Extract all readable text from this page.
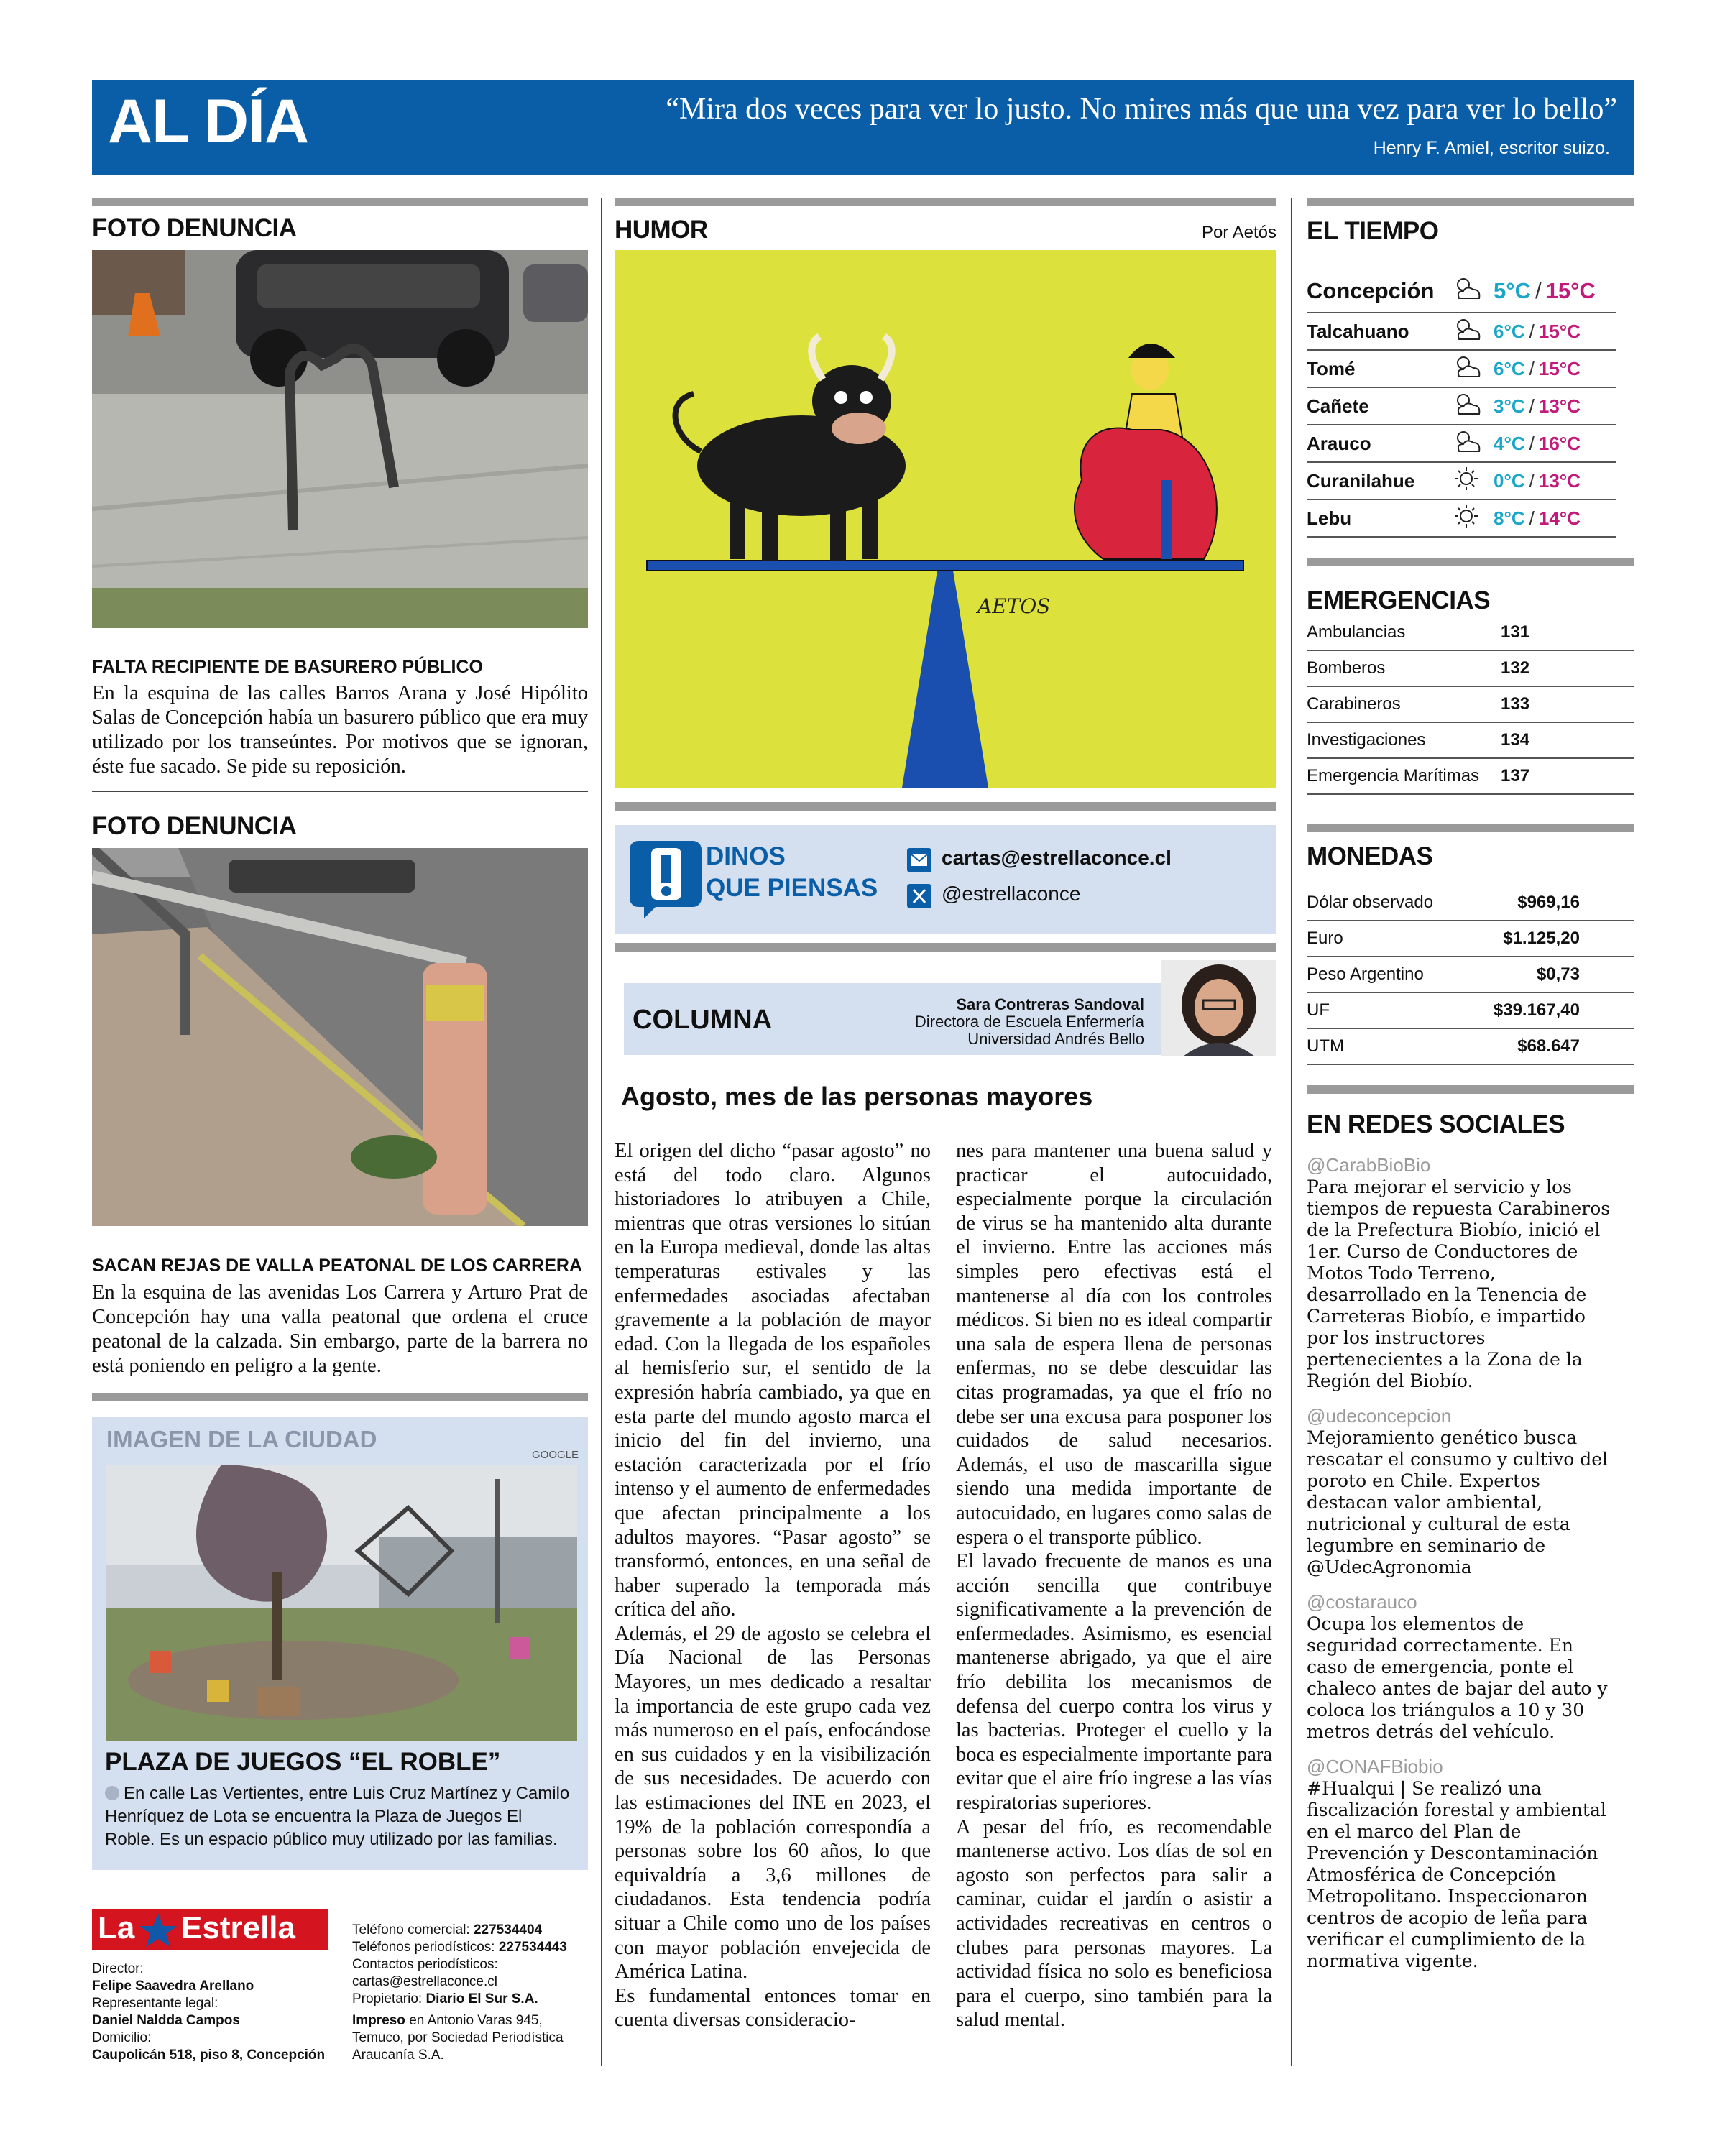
AL DÍA	“Mira dos veces para ver lo justo. No mires más que una vez para ver lo bello”
Henry F. Amiel, escritor suizo.
FOTO DENUNCIA
FALTA RECIPIENTE DE BASURERO PÚBLICO
En la esquina de las calles Barros Arana y José Hipólito Salas de Concepción había un basurero público que era muy utilizado por los transeúntes. Por motivos que se ignoran, éste fue sacado. Se pide su reposición.
FOTO DENUNCIA
SACAN REJAS DE VALLA PEATONAL DE LOS CARRERA
En la esquina de las avenidas Los Carrera y Arturo Prat de Concepción hay una valla peatonal que ordena el cruce peatonal de la calzada. Sin embargo, parte de la barrera no está poniendo en peligro a la gente.
IMAGEN DE LA CIUDAD
GOOGLE
PLAZA DE JUEGOS “EL ROBLE”
En calle Las Vertientes, entre Luis Cruz Martínez y Camilo Henríquez de Lota se encuentra la Plaza de Juegos El Roble. Es un espacio público muy utilizado por las familias.
La Estrella
Director:
Felipe Saavedra Arellano
Representante legal:
Daniel Naldda Campos
Domicilio:
Caupolicán 518, piso 8, Concepción
Teléfono comercial: 227534404
Teléfonos periodísticos: 227534443
Contactos periodísticos:
cartas@estrellaconce.cl
Propietario: Diario El Sur S.A.
Impreso en Antonio Varas 945, Temuco, por Sociedad Periodística Araucanía S.A.
HUMOR	Por Aetós
AETOS
DINOS
QUE PIENSAS
cartas@estrellaconce.cl
@estrellaconce
COLUMNA
Sara Contreras Sandoval
Directora de Escuela Enfermería
Universidad Andrés Bello
Agosto, mes de las personas mayores
El origen del dicho “pasar agosto” no está del todo claro. Algunos historiadores lo atribuyen a Chile, mientras que otras versiones lo sitúan en la Europa medieval, donde las altas temperaturas estivales y las enfermedades asociadas afectaban gravemente a la población de mayor edad. Con la llegada de los españoles al hemisferio sur, el sentido de la expresión habría cambiado, ya que en esta parte del mundo agosto marca el inicio del fin del invierno, una estación caracterizada por el frío intenso y el aumento de enfermedades que afectan principalmente a los adultos mayores. “Pasar agosto” se transformó, entonces, en una señal de haber superado la temporada más crítica del año.
Además, el 29 de agosto se celebra el Día Nacional de las Personas Mayores, un mes dedicado a resaltar la importancia de este grupo cada vez más numeroso en el país, enfocándose en sus cuidados y en la visibilización de sus necesidades. De acuerdo con las estimaciones del INE en 2023, el 19% de la población correspondía a personas sobre los 60 años, lo que equivaldría a 3,6 millones de ciudadanos. Esta tendencia podría situar a Chile como uno de los países con mayor población envejecida de América Latina.
Es fundamental entonces tomar en cuenta diversas consideracio-
nes para mantener una buena salud y practicar el autocuidado, especialmente porque la circulación de virus se ha mantenido alta durante el invierno. Entre las acciones más simples pero efectivas está el mantenerse al día con los controles médicos. Si bien no es ideal compartir una sala de espera llena de personas enfermas, no se debe descuidar las citas programadas, ya que el frío no debe ser una excusa para posponer los cuidados de salud necesarios. Además, el uso de mascarilla sigue siendo una medida importante de autocuidado, en lugares como salas de espera o el transporte público.
El lavado frecuente de manos es una acción sencilla que contribuye significativamente a la prevención de enfermedades. Asimismo, es esencial mantenerse abrigado, ya que el aire frío debilita los mecanismos de defensa del cuerpo contra los virus y las bacterias. Proteger el cuello y la boca es especialmente importante para evitar que el aire frío ingrese a las vías respiratorias superiores.
A pesar del frío, es recomendable mantenerse activo. Los días de sol en agosto son perfectos para salir a caminar, cuidar el jardín o asistir a actividades recreativas en centros o clubes para personas mayores. La actividad física no solo es beneficiosa para el cuerpo, sino también para la salud mental.
EL TIEMPO
Concepción	5°C / 15°C
Talcahuano	6°C / 15°C
Tomé	6°C / 15°C
Cañete	3°C / 13°C
Arauco	4°C / 16°C
Curanilahue	0°C / 13°C
Lebu	8°C / 14°C
EMERGENCIAS
Ambulancias	131
Bomberos	132
Carabineros	133
Investigaciones	134
Emergencia Marítimas	137
MONEDAS
Dólar observado	$969,16
Euro	$1.125,20
Peso Argentino	$0,73
UF	$39.167,40
UTM	$68.647
EN REDES SOCIALES
@CarabBioBio
Para mejorar el servicio y los tiempos de repuesta Carabineros de la Prefectura Biobío, inició el 1er. Curso de Conductores de Motos Todo Terreno, desarrollado en la Tenencia de Carreteras Biobío, e impartido por los instructores pertenecientes a la Zona de la Región del Biobío.
@udeconcepcion
Mejoramiento genético busca rescatar el consumo y cultivo del poroto en Chile. Expertos destacan valor ambiental, nutricional y cultural de esta legumbre en seminario de @UdecAgronomia
@costarauco
Ocupa los elementos de seguridad correctamente. En caso de emergencia, ponte el chaleco antes de bajar del auto y coloca los triángulos a 10 y 30 metros detrás del vehículo.
@CONAFBiobio
#Hualqui | Se realizó una fiscalización forestal y ambiental en el marco del Plan de Prevención y Descontaminación Atmosférica de Concepción Metropolitano. Inspeccionaron centros de acopio de leña para verificar el cumplimiento de la normativa vigente.
